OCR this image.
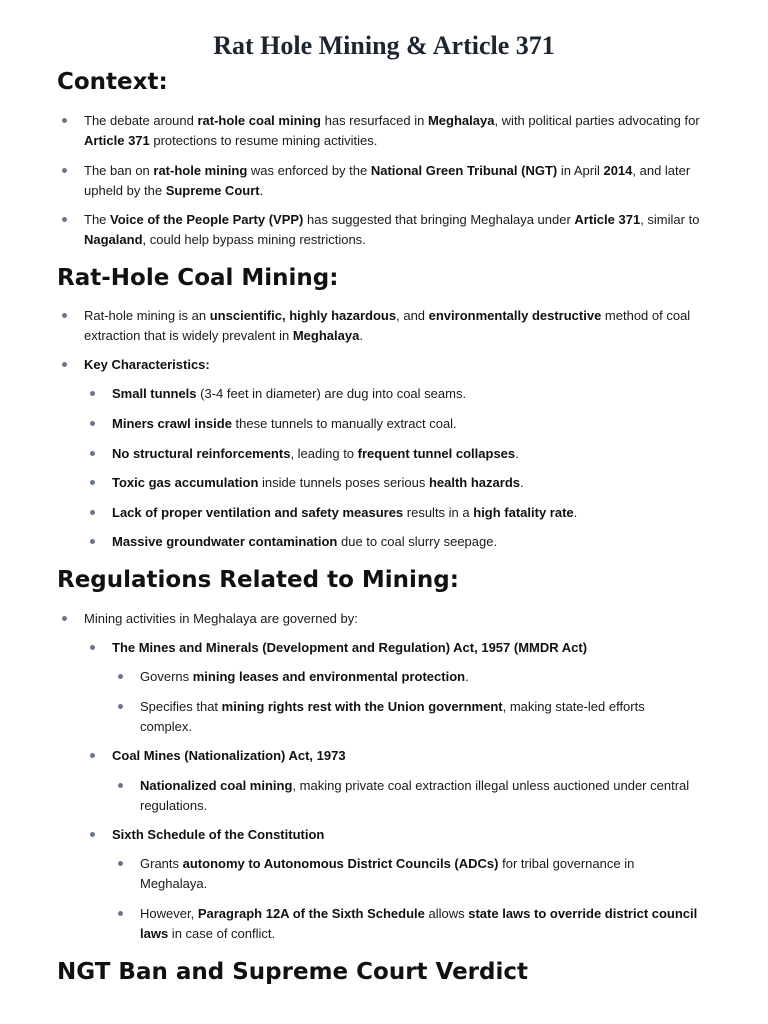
Rat Hole Mining & Article 371
Context:
The debate around rat-hole coal mining has resurfaced in Meghalaya, with political parties advocating for Article 371 protections to resume mining activities.
The ban on rat-hole mining was enforced by the National Green Tribunal (NGT) in April 2014, and later upheld by the Supreme Court.
The Voice of the People Party (VPP) has suggested that bringing Meghalaya under Article 371, similar to Nagaland, could help bypass mining restrictions.
Rat-Hole Coal Mining:
Rat-hole mining is an unscientific, highly hazardous, and environmentally destructive method of coal extraction that is widely prevalent in Meghalaya.
Key Characteristics:
Small tunnels (3-4 feet in diameter) are dug into coal seams.
Miners crawl inside these tunnels to manually extract coal.
No structural reinforcements, leading to frequent tunnel collapses.
Toxic gas accumulation inside tunnels poses serious health hazards.
Lack of proper ventilation and safety measures results in a high fatality rate.
Massive groundwater contamination due to coal slurry seepage.
Regulations Related to Mining:
Mining activities in Meghalaya are governed by:
The Mines and Minerals (Development and Regulation) Act, 1957 (MMDR Act)
Governs mining leases and environmental protection.
Specifies that mining rights rest with the Union government, making state-led efforts complex.
Coal Mines (Nationalization) Act, 1973
Nationalized coal mining, making private coal extraction illegal unless auctioned under central regulations.
Sixth Schedule of the Constitution
Grants autonomy to Autonomous District Councils (ADCs) for tribal governance in Meghalaya.
However, Paragraph 12A of the Sixth Schedule allows state laws to override district council laws in case of conflict.
NGT Ban and Supreme Court Verdict
